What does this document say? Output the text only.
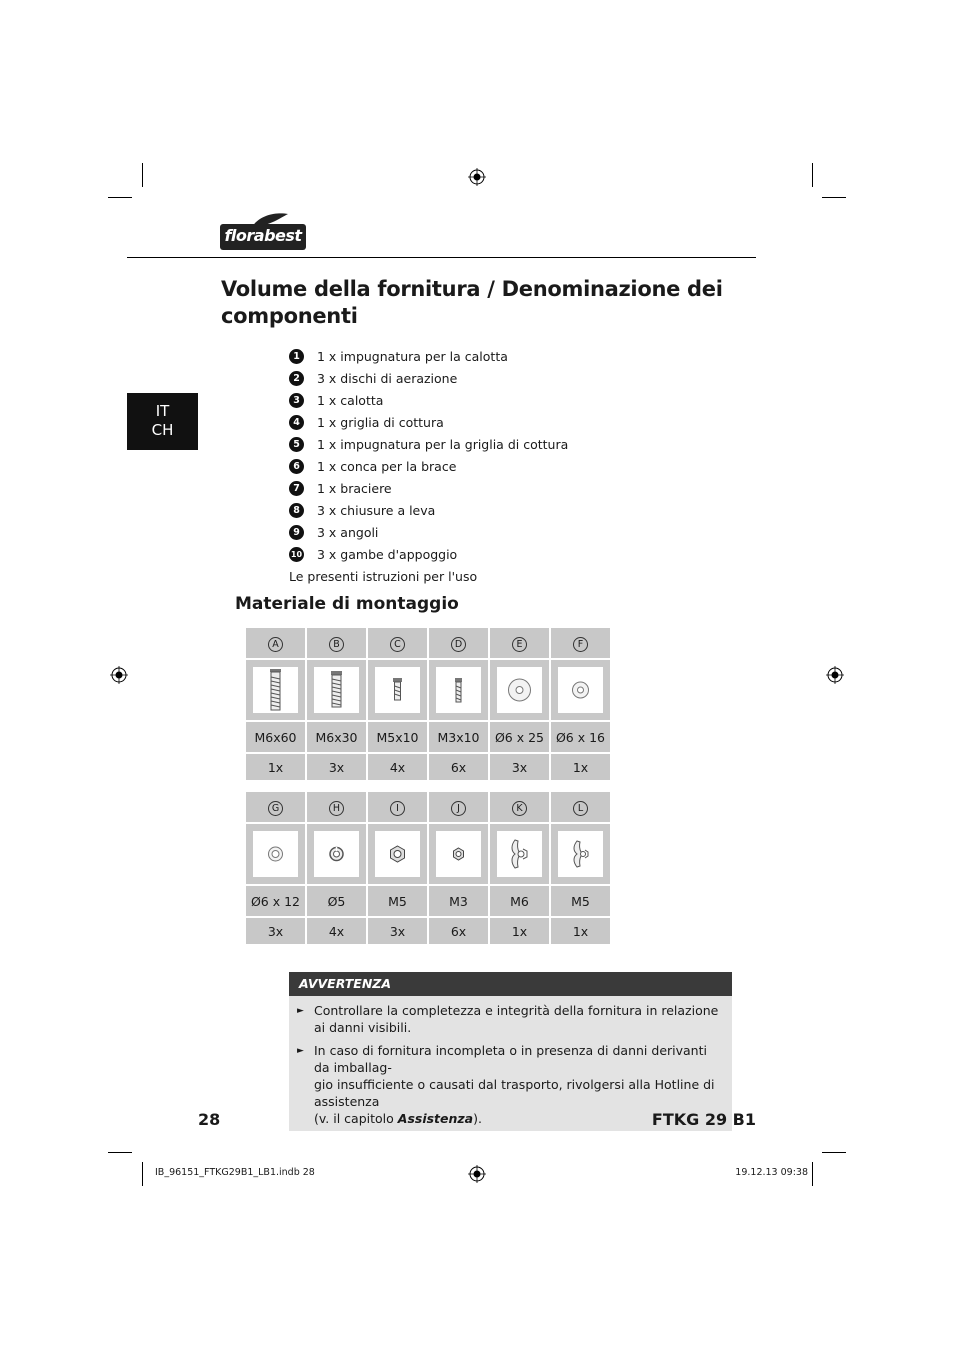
florabest
Volume della fornitura / Denominazione dei componenti
IT
CH
1	1 x impugnatura per la calotta
2	3 x dischi di aerazione
3	1 x calotta
4	1 x griglia di cottura
5	1 x impugnatura per la griglia di cottura
6	1 x conca per la brace
7	1 x braciere
8	3 x chiusure a leva
9	3 x angoli
10 3 x gambe d'appoggio
Le presenti istruzioni per l'uso
Materiale di montaggio
A	B	C	D	E	F

M6x60	M6x30	M5x10	M3x10	Ø6 x 25	Ø6 x 16
1x	3x	4x	6x	3x	1x
G	H	I	J	K	L

Ø6 x 12	Ø5	M5	M3	M6	M5
3x	4x	3x	6x	1x	1x
AVVERTENZA
► Controllare la completezza e integrità della fornitura in relazione ai danni visibili.
► In caso di fornitura incompleta o in presenza di danni derivanti da imballag-
gio insufficiente o causati dal trasporto, rivolgersi alla Hotline di assistenza
(v. il capitolo Assistenza).
28	FTKG 29 B1
IB_96151_FTKG29B1_LB1.indb 28	19.12.13 09:38
